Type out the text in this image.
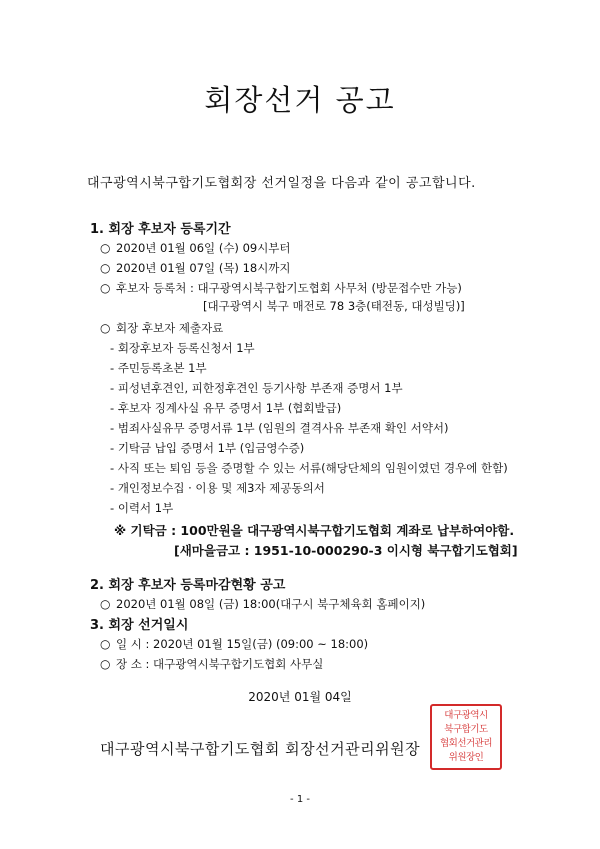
회장선거 공고
대구광역시북구합기도협회장 선거일정을 다음과 같이 공고합니다.
1. 회장 후보자 등록기간
○ 2020년 01월 06일 (수) 09시부터
○ 2020년 01월 07일 (목) 18시까지
○ 후보자 등록처 : 대구광역시북구합기도협회 사무처 (방문접수만 가능)
[대구광역시 북구 매전로 78 3층(태전동, 대성빌딩)]
○ 회장 후보자 제출자료
- 회장후보자 등록신청서 1부
- 주민등록초본 1부
- 피성년후견인, 피한정후견인 등기사항 부존재 증명서 1부
- 후보자 징계사실 유무 증명서 1부 (협회발급)
- 범죄사실유무 증명서류 1부 (임원의 결격사유 부존재 확인 서약서)
- 기탁금 납입 증명서 1부 (입금영수증)
- 사직 또는 퇴임 등을 증명할 수 있는 서류(해당단체의 임원이였던 경우에 한함)
- 개인정보수집 · 이용 및 제3자 제공동의서
- 이력서 1부
※ 기탁금 : 100만원을 대구광역시북구합기도협회 계좌로 납부하여야함.
[새마을금고 : 1951-10-000290-3 이시형 북구합기도협회]
2. 회장 후보자 등록마감현황 공고
○ 2020년 01월 08일 (금) 18:00(대구시 북구체육회 홈페이지)
3. 회장 선거일시
○ 일 시 : 2020년 01월 15일(금) (09:00 ~ 18:00)
○ 장 소 : 대구광역시북구합기도협회 사무실
2020년 01월 04일
대구광역시북구합기도협회 회장선거관리위원장
대구광역시
북구합기도
협회선거관리
위원장인
- 1 -
